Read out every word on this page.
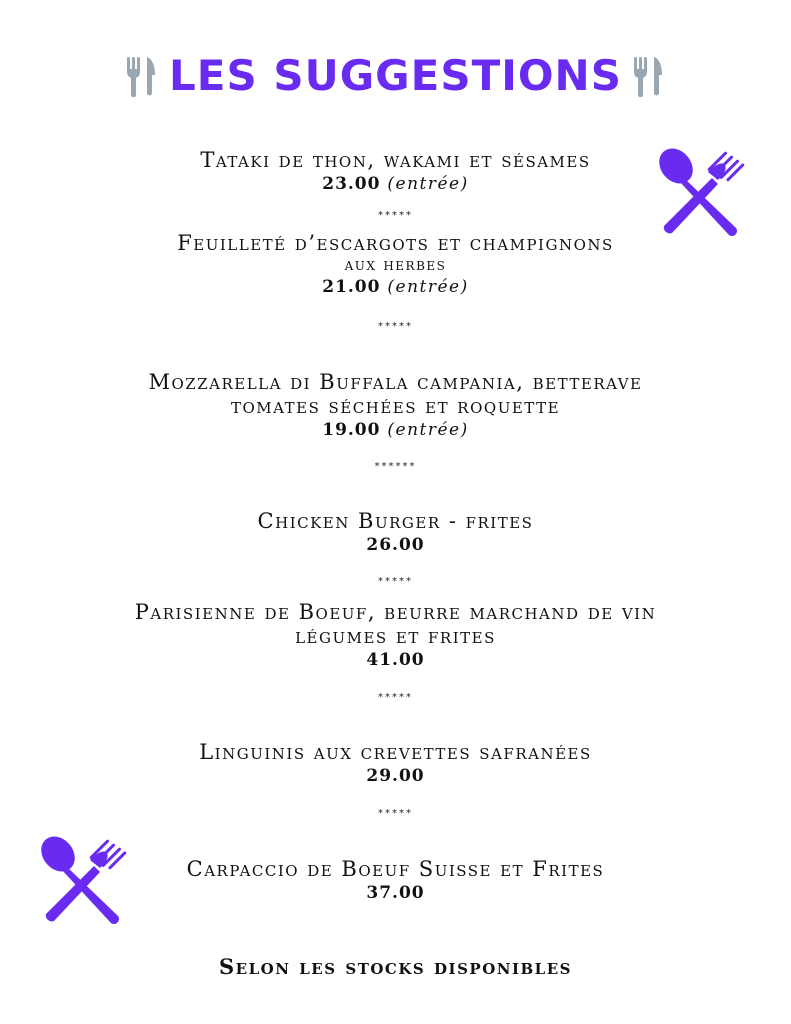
LES SUGGESTIONS

Tataki de thon, wakami et sésames

23.00 (entrée)

*****

Feuilleté d’escargots et champignons

aux herbes

21.00 (entrée)

*****

Mozzarella di Buffala campania, betterave

tomates séchées et roquette

19.00 (entrée)

******

Chicken Burger - frites

26.00

*****

Parisienne de Boeuf, beurre marchand de vin

légumes et frites

41.00

*****

Linguinis aux crevettes safranées

29.00

*****

Carpaccio de Boeuf Suisse et Frites

37.00

Selon les stocks disponibles
